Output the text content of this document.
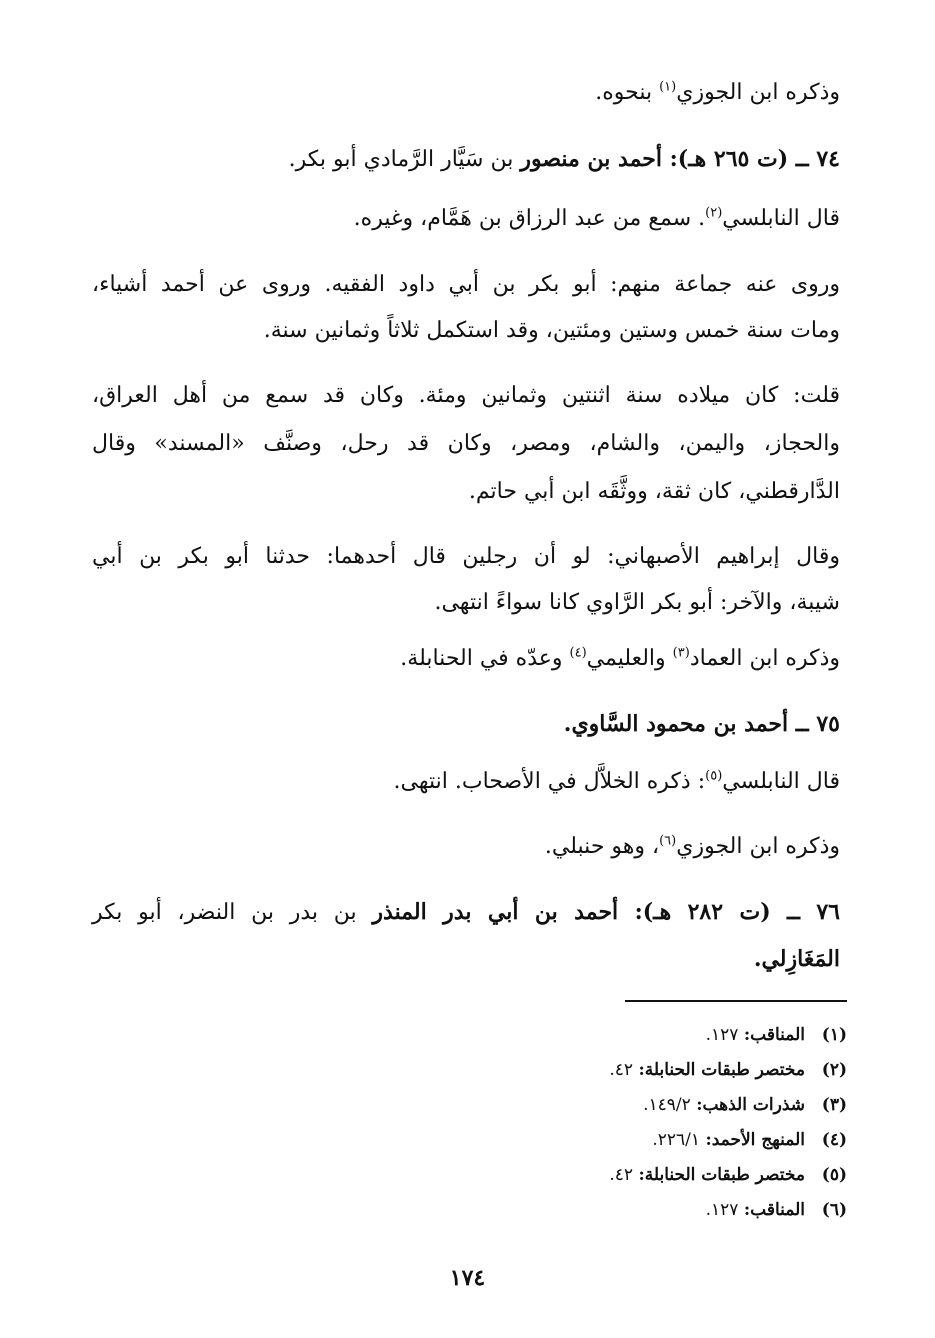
وذكره ابن الجوزي$^{(١)}$ بنحوه.

٧٤ ــ (ت ٢٦٥ هـ): أحمد بن منصور بن سَيَّار الرَّمادي أبو بكر.

قال النابلسي$^{(٢)}$. سمع من عبد الرزاق بن هَمَّام، وغيره.

وروى عنه جماعة منهم: أبو بكر بن أبي داود الفقيه. وروى عن أحمد أشياء،

ومات سنة خمس وستين ومئتين، وقد استكمل ثلاثاً وثمانين سنة.

قلت: كان ميلاده سنة اثنتين وثمانين ومئة. وكان قد سمع من أهل العراق،

والحجاز، واليمن، والشام، ومصر، وكان قد رحل، وصنَّف «المسند» وقال

الدَّارقطني، كان ثقة، ووثَّقَه ابن أبي حاتم.

وقال إبراهيم الأصبهاني: لو أن رجلين قال أحدهما: حدثنا أبو بكر بن أبي

شيبة، والآخر: أبو بكر الرَّاوي كانا سواءً انتهى.

وذكره ابن العماد$^{(٣)}$ والعليمي$^{(٤)}$ وعدّه في الحنابلة.

٧٥ ــ أحمد بن محمود السَّاوي.

قال النابلسي$^{(٥)}$: ذكره الخلاَّل في الأصحاب. انتهى.

وذكره ابن الجوزي$^{(٦)}$، وهو حنبلي.

٧٦ ــ (ت ٢٨٢ هـ): أحمد بن أبي بدر المنذر بن بدر بن النضر، أبو بكر

المَغَازِلي.

(١)المناقب: ١٢٧.

(٢)مختصر طبقات الحنابلة: ٤٢.

(٣)شذرات الذهب: ١٤٩/٢.

(٤)المنهج الأحمد: ٢٢٦/١.

(٥)مختصر طبقات الحنابلة: ٤٢.

(٦)المناقب: ١٢٧.

١٧٤
